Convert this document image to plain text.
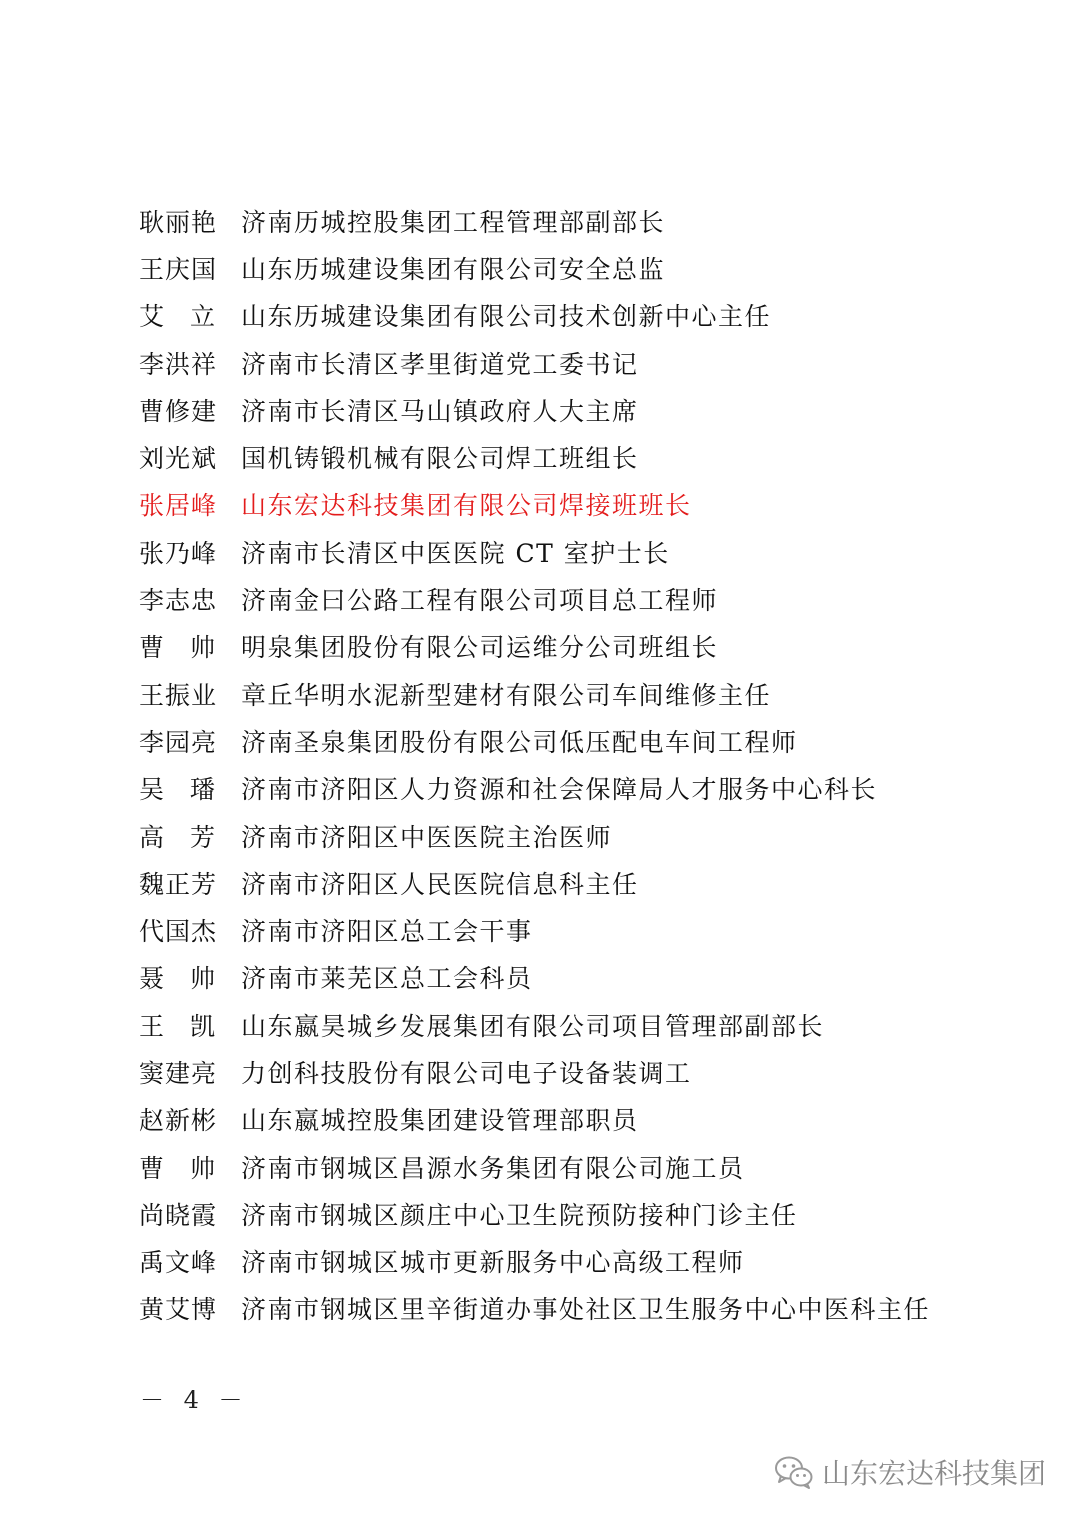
耿丽艳 济南历城控股集团工程管理部副部长
王庆国 山东历城建设集团有限公司安全总监
艾 立 山东历城建设集团有限公司技术创新中心主任
李洪祥 济南市长清区孝里街道党工委书记
曹修建 济南市长清区马山镇政府人大主席
刘光斌 国机铸锻机械有限公司焊工班组长
张居峰 山东宏达科技集团有限公司焊接班班长
张乃峰 济南市长清区中医医院 CT 室护士长
李志忠 济南金曰公路工程有限公司项目总工程师
曹 帅 明泉集团股份有限公司运维分公司班组长
王振业 章丘华明水泥新型建材有限公司车间维修主任
李园亮 济南圣泉集团股份有限公司低压配电车间工程师
吴 璠 济南市济阳区人力资源和社会保障局人才服务中心科长
高 芳 济南市济阳区中医医院主治医师
魏正芳 济南市济阳区人民医院信息科主任
代国杰 济南市济阳区总工会干事
聂 帅 济南市莱芜区总工会科员
王 凯 山东嬴昊城乡发展集团有限公司项目管理部副部长
窦建亮 力创科技股份有限公司电子设备装调工
赵新彬 山东嬴城控股集团建设管理部职员
曹 帅 济南市钢城区昌源水务集团有限公司施工员
尚晓霞 济南市钢城区颜庄中心卫生院预防接种门诊主任
禹文峰 济南市钢城区城市更新服务中心高级工程师
黄艾博 济南市钢城区里辛街道办事处社区卫生服务中心中医科主任
－ 4 －
山东宏达科技集团
